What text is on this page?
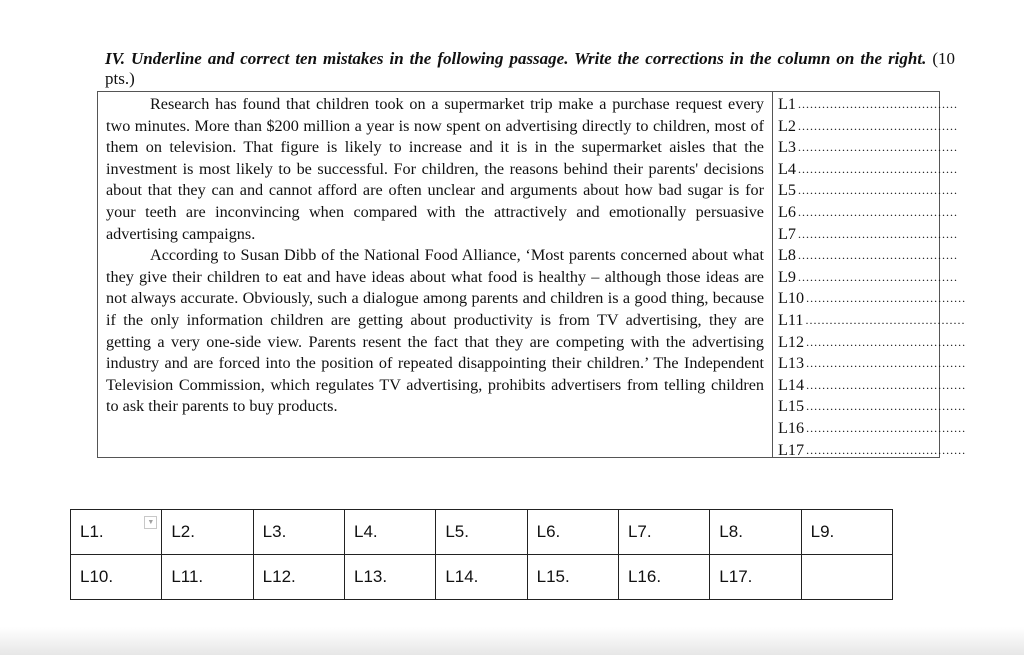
IV. Underline and correct ten mistakes in the following passage. Write the corrections in the column on the right. (10 pts.)

Research has found that children took on a supermarket trip make a purchase request every two minutes. More than $200 million a year is now spent on advertising directly to children, most of them on television. That figure is likely to increase and it is in the supermarket aisles that the investment is most likely to be successful. For children, the reasons behind their parents' decisions about that they can and cannot afford are often unclear and arguments about how bad sugar is for your teeth are inconvincing when compared with the attractively and emotionally persuasive advertising campaigns.

According to Susan Dibb of the National Food Alliance, ‘Most parents concerned about what they give their children to eat and have ideas about what food is healthy – although those ideas are not always accurate. Obviously, such a dialogue among parents and children is a good thing, because if the only information children are getting about productivity is from TV advertising, they are getting a very one-side view. Parents resent the fact that they are competing with the advertising industry and are forced into the position of repeated disappointing their children.’ The Independent Television Commission, which regulates TV advertising, prohibits advertisers from telling children to ask their parents to buy products.

L1 ........................................
L2 ........................................
L3 ........................................
L4 ........................................
L5 ........................................
L6 ........................................
L7 ........................................
L8 ........................................
L9 ........................................
L10 ........................................
L11 ........................................
L12 ........................................
L13 ........................................
L14 ........................................
L15 ........................................
L16 ........................................
L17 ........................................
L1. ▼	L2.	L3.	L4.	L5.	L6.	L7.	L8.	L9.
L10.	L11.	L12.	L13.	L14.	L15.	L16.	L17.	
